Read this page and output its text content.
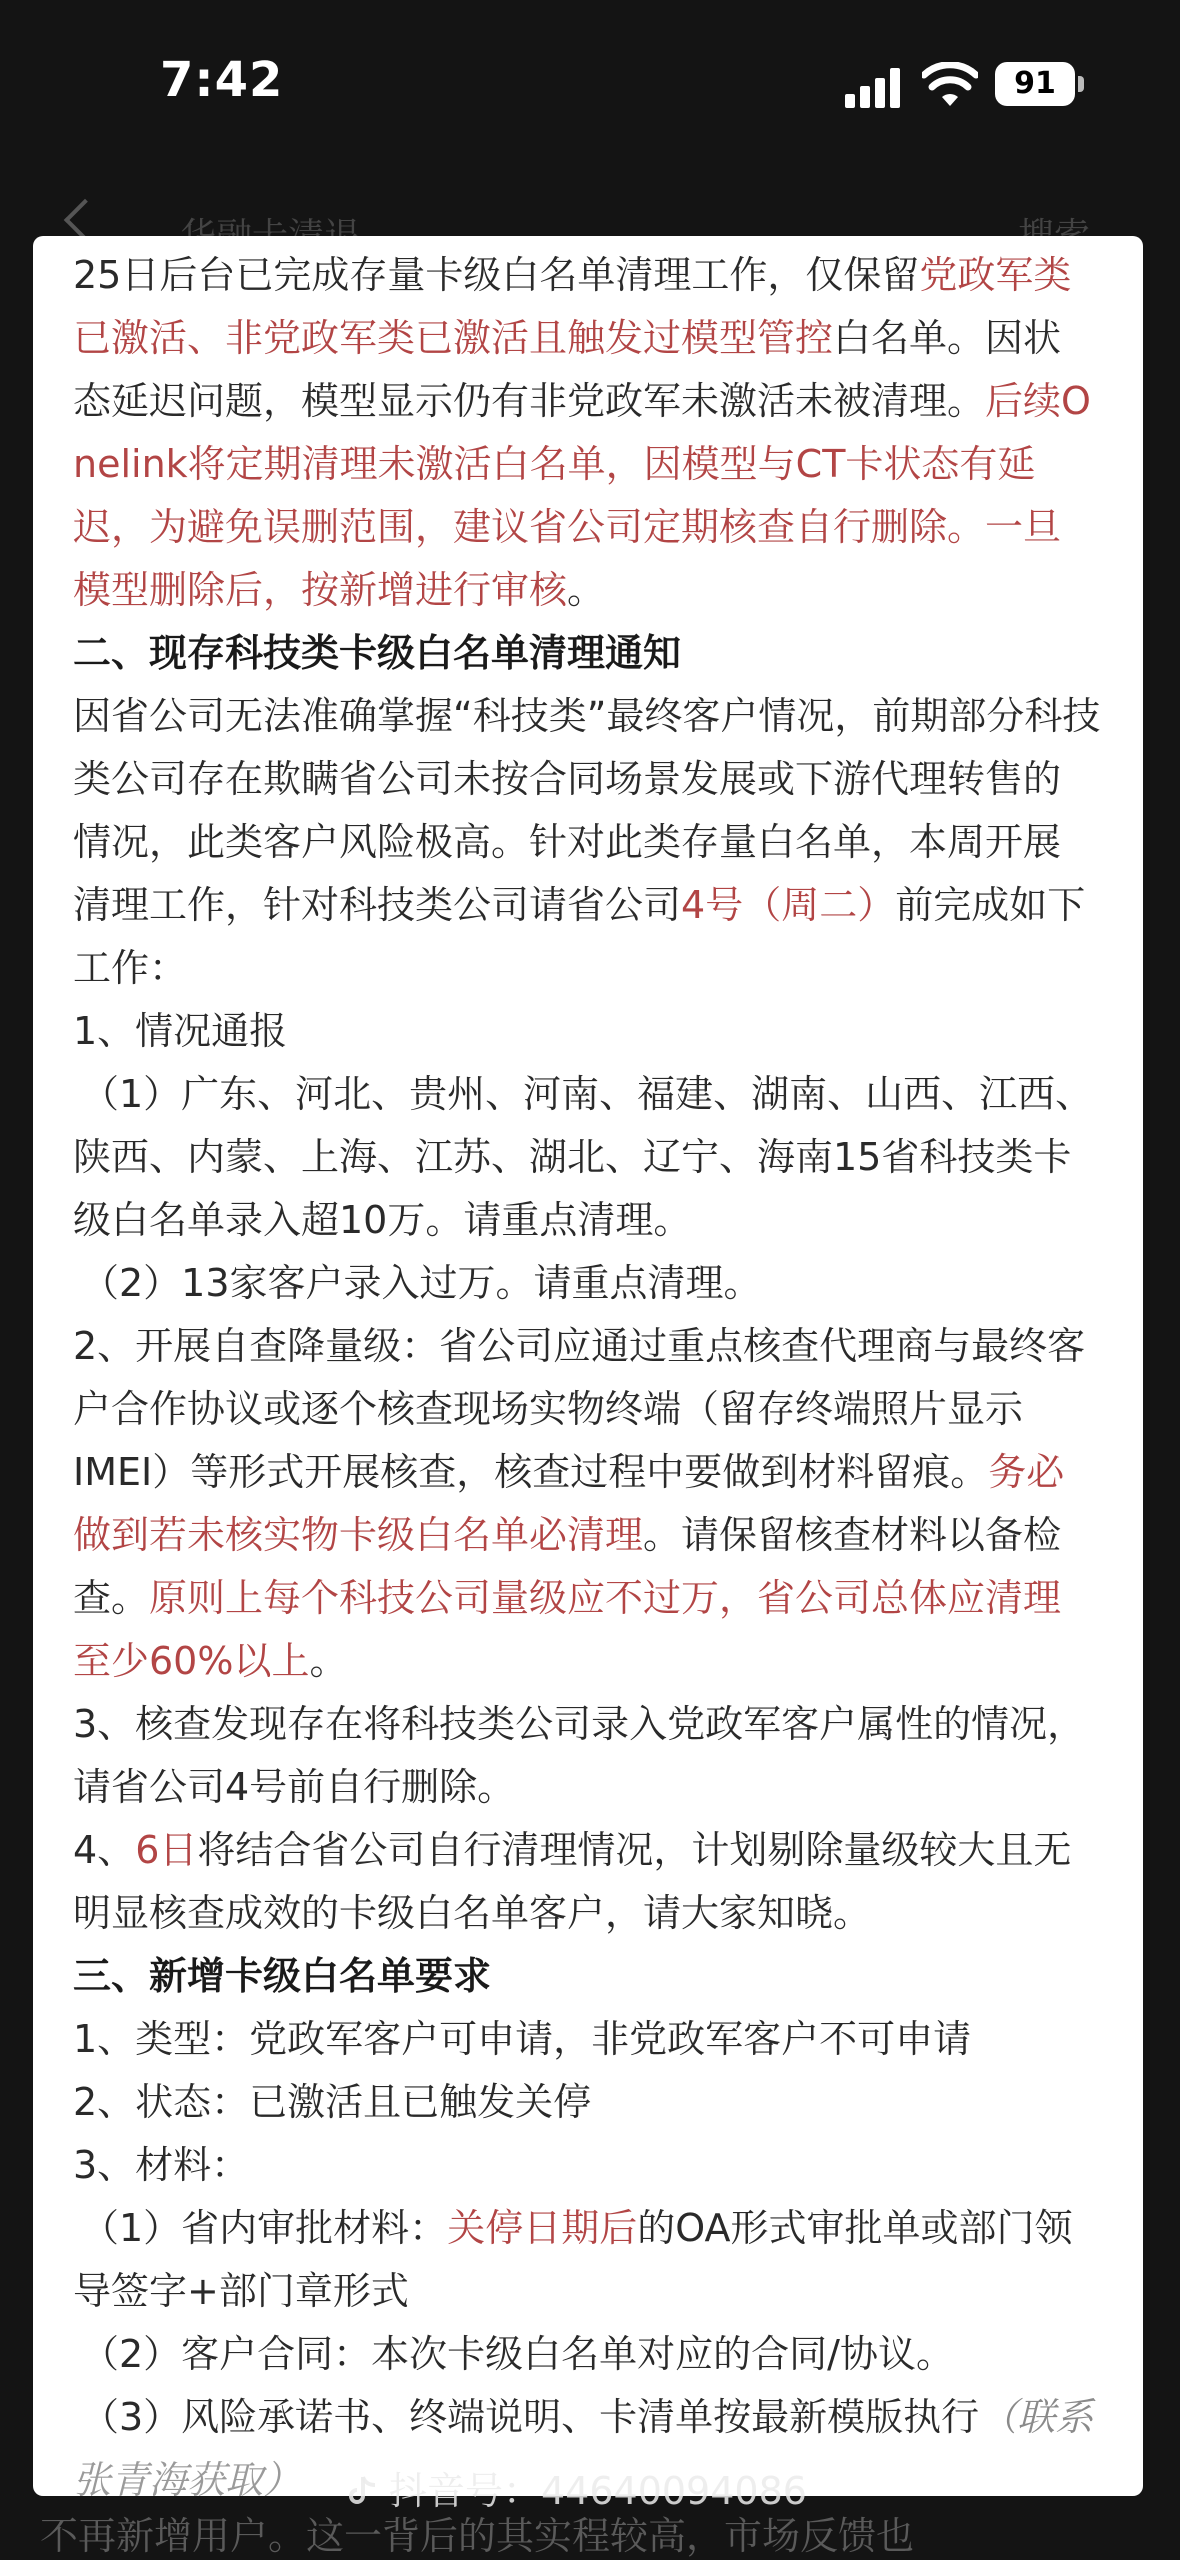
7:42	91
25日后台已完成存量卡级白名单清理工作，仅保留党政军类
已激活、非党政军类已激活且触发过模型管控白名单。因状
态延迟问题，模型显示仍有非党政军未激活未被清理。后续O
nelink将定期清理未激活白名单，因模型与CT卡状态有延
迟，为避免误删范围，建议省公司定期核查自行删除。一旦
模型删除后，按新增进行审核。
二、现存科技类卡级白名单清理通知
因省公司无法准确掌握“科技类”最终客户情况，前期部分科技
类公司存在欺瞒省公司未按合同场景发展或下游代理转售的
情况，此类客户风险极高。针对此类存量白名单，本周开展
清理工作，针对科技类公司请省公司4号（周二）前完成如下
工作：
1、情况通报
（1）广东、河北、贵州、河南、福建、湖南、山西、江西、
陕西、内蒙、上海、江苏、湖北、辽宁、海南15省科技类卡
级白名单录入超10万。请重点清理。
（2）13家客户录入过万。请重点清理。
2、开展自查降量级：省公司应通过重点核查代理商与最终客
户合作协议或逐个核查现场实物终端（留存终端照片显示
IMEI）等形式开展核查，核查过程中要做到材料留痕。务必
做到若未核实物卡级白名单必清理。请保留核查材料以备检
查。原则上每个科技公司量级应不过万，省公司总体应清理
至少60%以上。
3、核查发现存在将科技类公司录入党政军客户属性的情况，
请省公司4号前自行删除。
4、6日将结合省公司自行清理情况，计划剔除量级较大且无
明显核查成效的卡级白名单客户，请大家知晓。
三、新增卡级白名单要求
1、类型：党政军客户可申请，非党政军客户不可申请
2、状态：已激活且已触发关停
3、材料：
（1）省内审批材料：关停日期后的OA形式审批单或部门领
导签字+部门章形式
（2）客户合同：本次卡级白名单对应的合同/协议。
（3）风险承诺书、终端说明、卡清单按最新模版执行（联系
张青海获取）	抖音号：44640094086
不再新增用户。这一背后的其实程较高，市场反馈也
